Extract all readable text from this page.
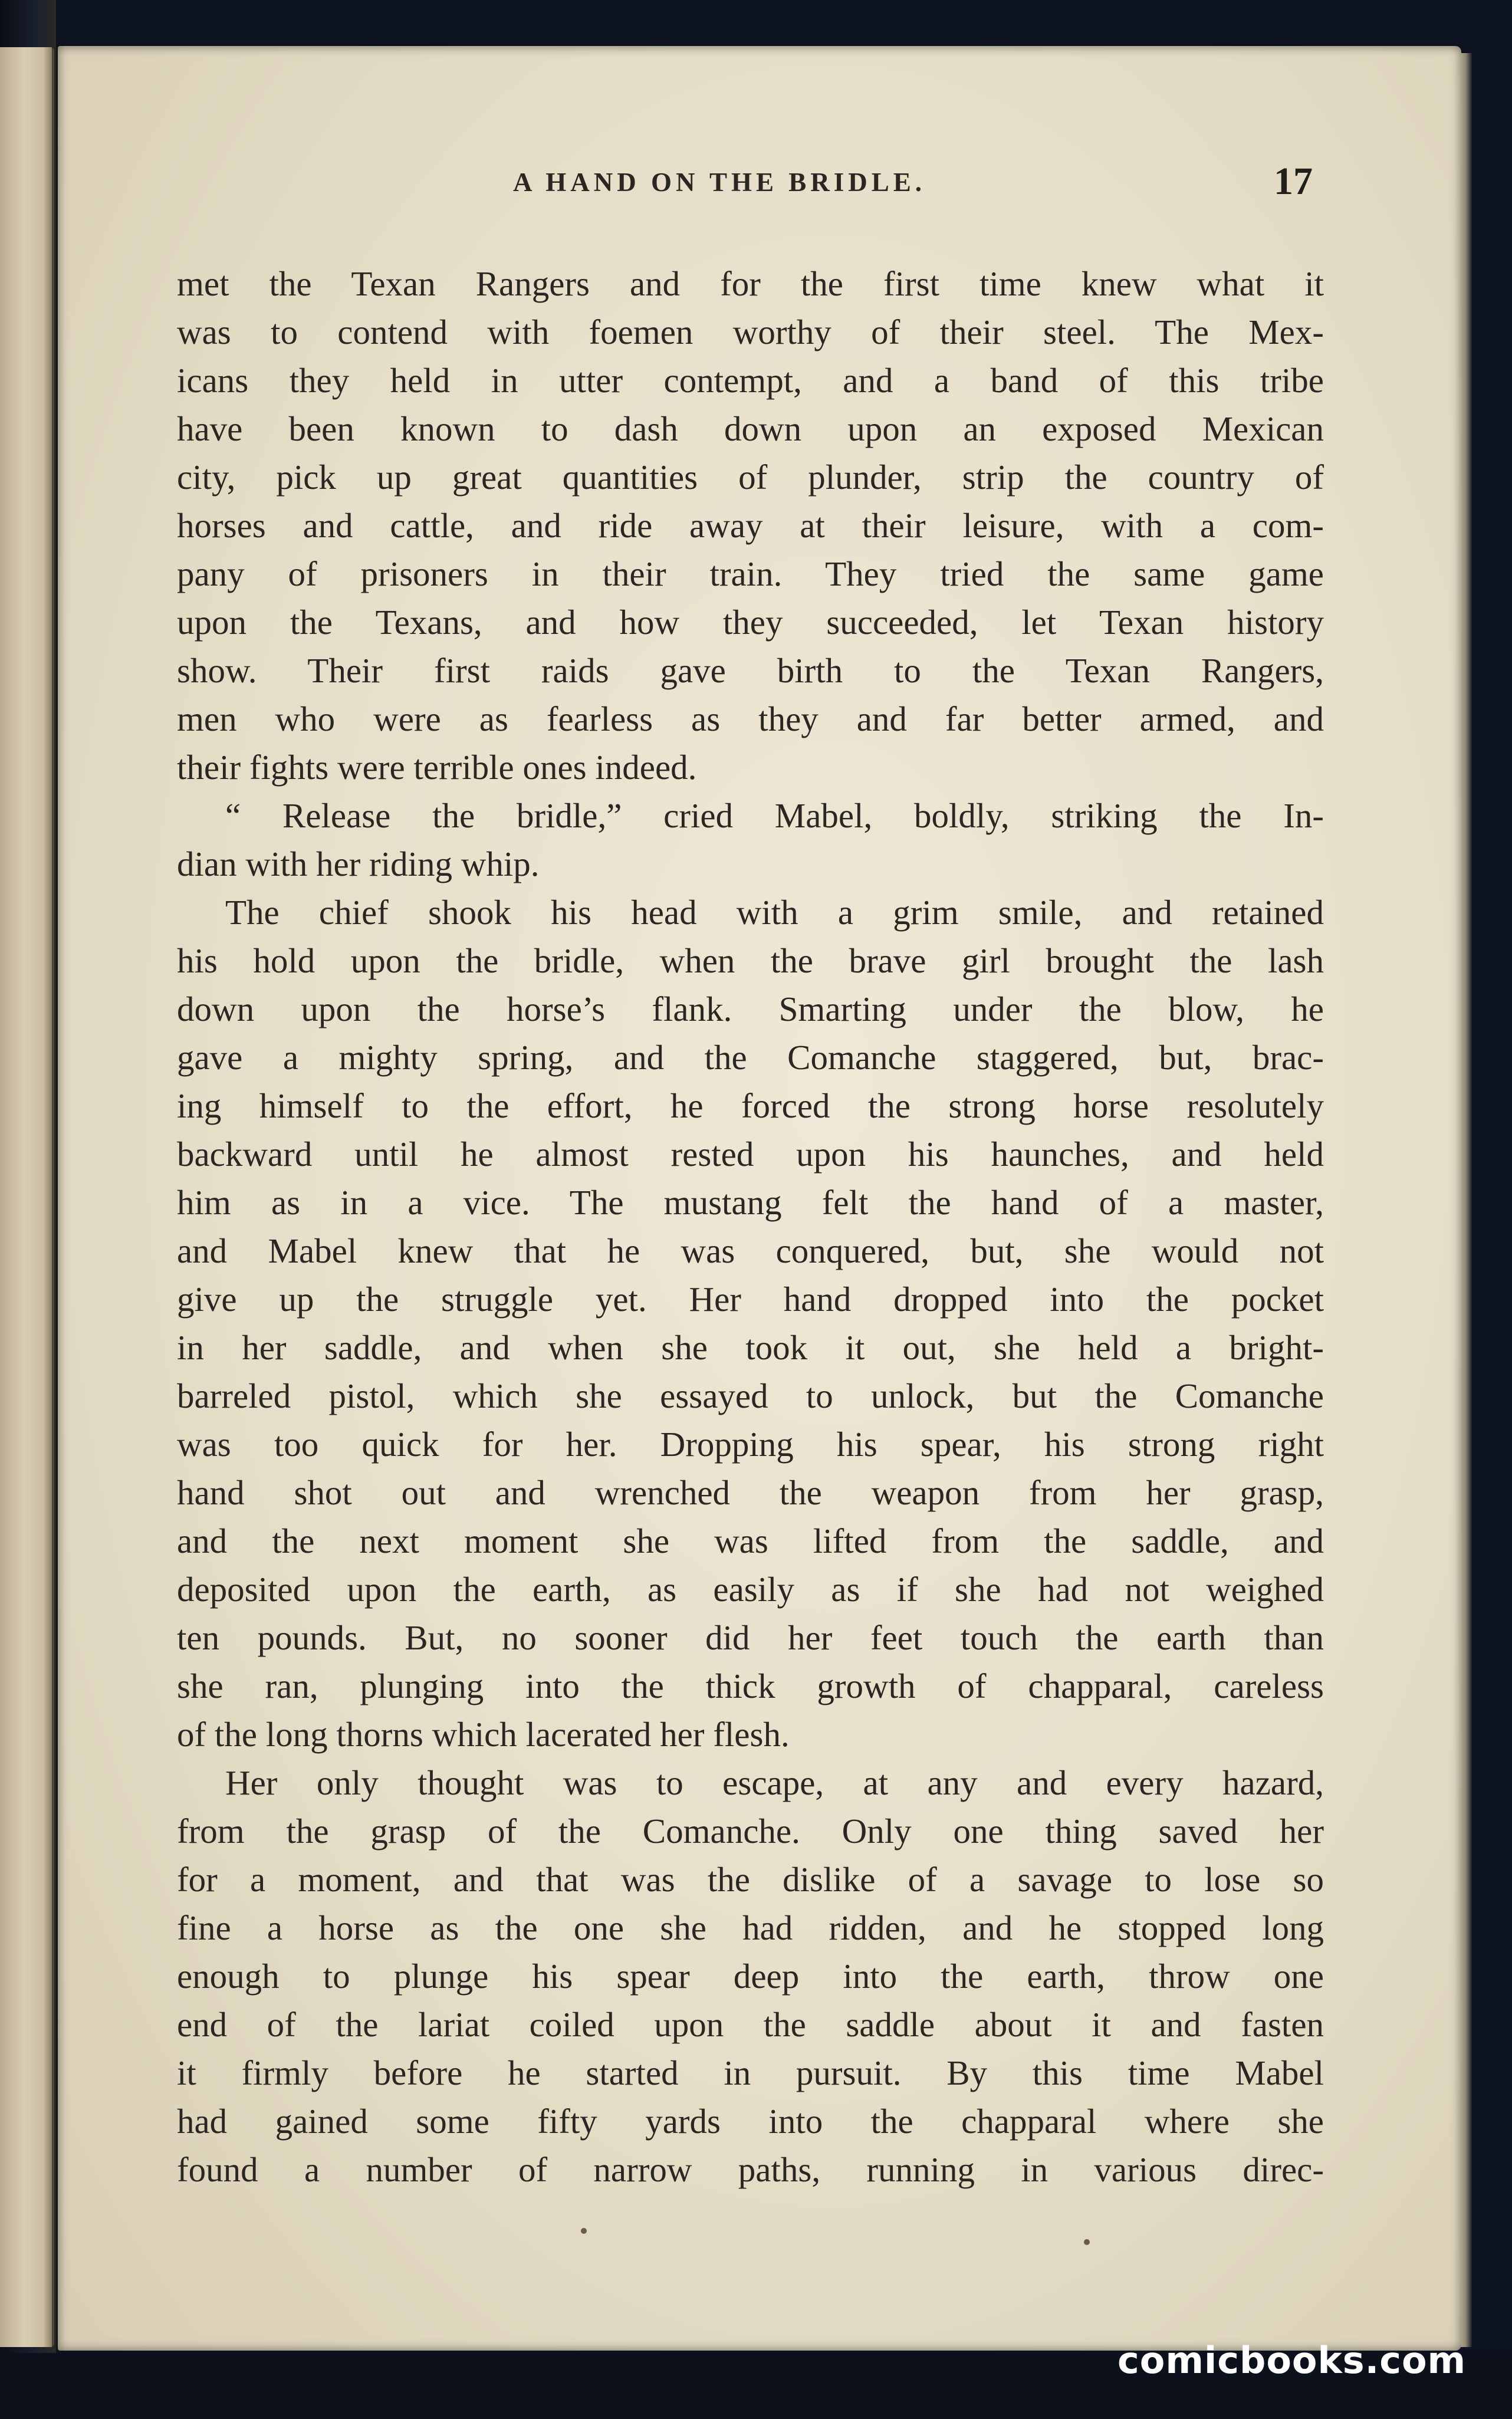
A HAND ON THE BRIDLE.	17

met the Texan Rangers and for the first time knew what it

was to contend with foemen worthy of their steel. The Mex-

icans they held in utter contempt, and a band of this tribe

have been known to dash down upon an exposed Mexican

city, pick up great quantities of plunder, strip the country of

horses and cattle, and ride away at their leisure, with a com-

pany of prisoners in their train. They tried the same game

upon the Texans, and how they succeeded, let Texan history

show. Their first raids gave birth to the Texan Rangers,

men who were as fearless as they and far better armed, and

their fights were terrible ones indeed.

“ Release the bridle,” cried Mabel, boldly, striking the In-

dian with her riding whip.

The chief shook his head with a grim smile, and retained

his hold upon the bridle, when the brave girl brought the lash

down upon the horse’s flank. Smarting under the blow, he

gave a mighty spring, and the Comanche staggered, but, brac-

ing himself to the effort, he forced the strong horse resolutely

backward until he almost rested upon his haunches, and held

him as in a vice. The mustang felt the hand of a master,

and Mabel knew that he was conquered, but, she would not

give up the struggle yet. Her hand dropped into the pocket

in her saddle, and when she took it out, she held a bright-

barreled pistol, which she essayed to unlock, but the Comanche

was too quick for her. Dropping his spear, his strong right

hand shot out and wrenched the weapon from her grasp,

and the next moment she was lifted from the saddle, and

deposited upon the earth, as easily as if she had not weighed

ten pounds. But, no sooner did her feet touch the earth than

she ran, plunging into the thick growth of chapparal, careless

of the long thorns which lacerated her flesh.

Her only thought was to escape, at any and every hazard,

from the grasp of the Comanche. Only one thing saved her

for a moment, and that was the dislike of a savage to lose so

fine a horse as the one she had ridden, and he stopped long

enough to plunge his spear deep into the earth, throw one

end of the lariat coiled upon the saddle about it and fasten

it firmly before he started in pursuit. By this time Mabel

had gained some fifty yards into the chapparal where she

found a number of narrow paths, running in various direc-

comicbooks.com
